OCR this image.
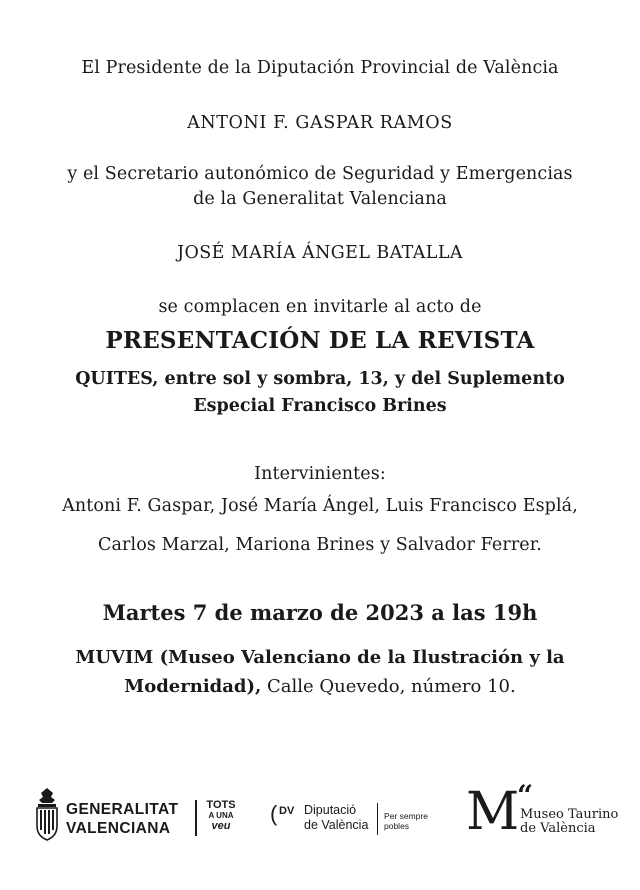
El Presidente de la Diputación Provincial de València
ANTONI F. GASPAR RAMOS
y el Secretario autonómico de Seguridad y Emergencias
de la Generalitat Valenciana
JOSÉ MARÍA ÁNGEL BATALLA
se complacen en invitarle al acto de
PRESENTACIÓN DE LA REVISTA
QUITES, entre sol y sombra, 13, y del Suplemento
Especial Francisco Brines
Intervinientes:
Antoni F. Gaspar, José María Ángel, Luis Francisco Esplá,
Carlos Marzal, Mariona Brines y Salvador Ferrer.
Martes 7 de marzo de 2023 a las 19h
MUVIM (Museo Valenciano de la Ilustración y la
Modernidad), Calle Quevedo, número 10.
GENERALITAT
VALENCIANA
TOTS
A UNA
veu	( DV Diputació
de València
Per sempre
pobles	M
“
Museo Taurino
de València
